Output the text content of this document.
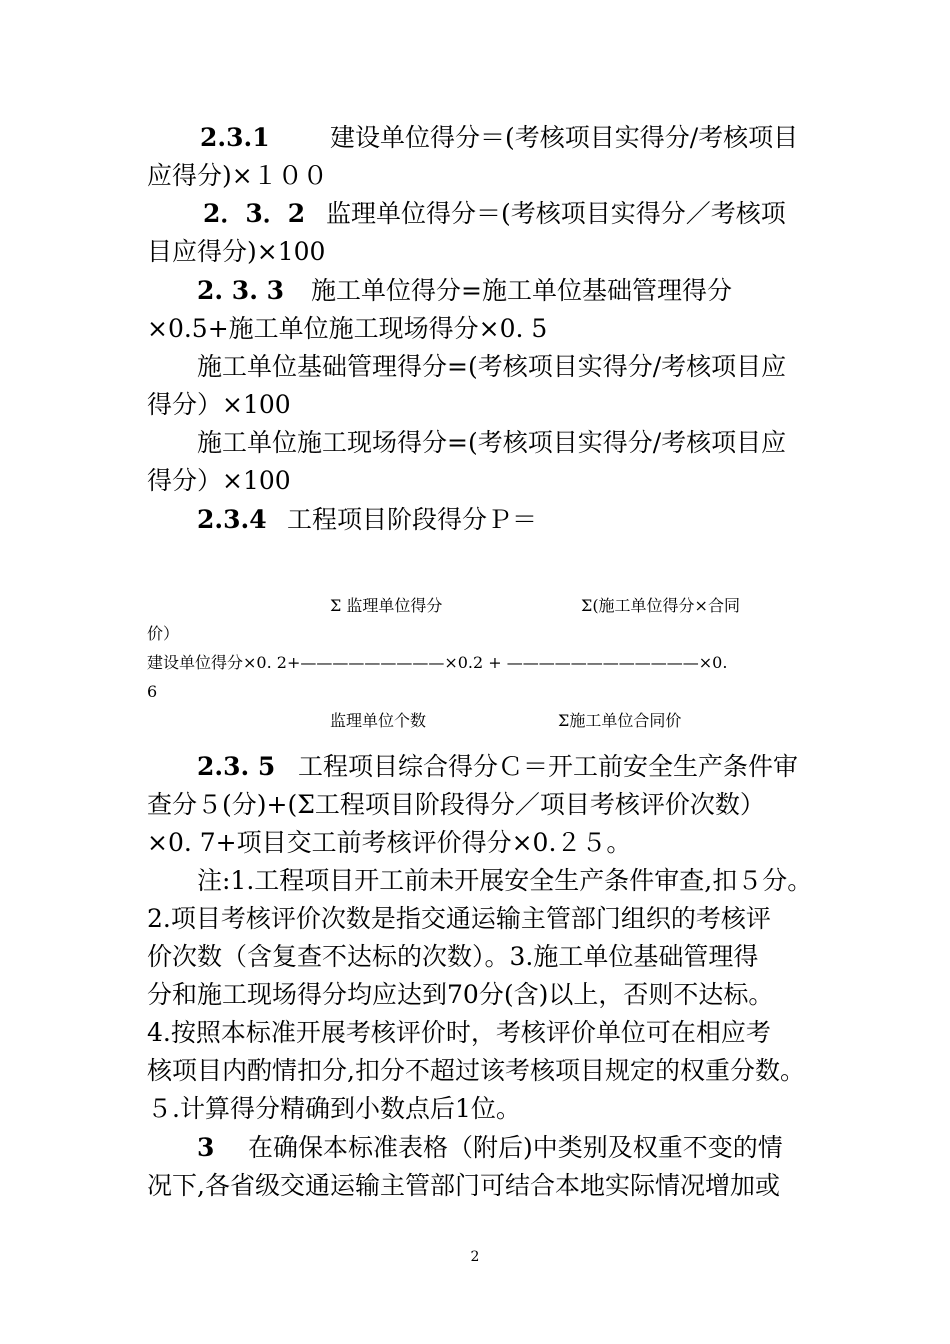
2.3.1 建设单位得分＝(考核项目实得分/考核项目
应得分)×１００
2．3．2 监理单位得分＝(考核项目实得分／考核项
目应得分)×100
2. 3. 3 施工单位得分=施工单位基础管理得分
×0.5+施工单位施工现场得分×0. 5
施工单位基础管理得分=(考核项目实得分/考核项目应
得分）×100
施工单位施工现场得分=(考核项目实得分/考核项目应
得分）×100
2.3.4 工程项目阶段得分Ｐ＝
Σ 监理单位得分	Σ(施工单位得分×合同
价）
建设单位得分×0. 2+—————————×0.2 + ————————————×0.
6
监理单位个数	Σ施工单位合同价
2.3. 5 工程项目综合得分Ｃ＝开工前安全生产条件审
查分５(分)+(Σ工程项目阶段得分／项目考核评价次数）
×0. 7+项目交工前考核评价得分×0.２５。
注:1.工程项目开工前未开展安全生产条件审查,扣５分。
2.项目考核评价次数是指交通运输主管部门组织的考核评
价次数（含复查不达标的次数）。3.施工单位基础管理得
分和施工现场得分均应达到70分(含)以上，否则不达标。
4.按照本标准开展考核评价时，考核评价单位可在相应考
核项目内酌情扣分,扣分不超过该考核项目规定的权重分数。
５.计算得分精确到小数点后1位。
3 在确保本标准表格（附后)中类别及权重不变的情
况下,各省级交通运输主管部门可结合本地实际情况增加或
2
